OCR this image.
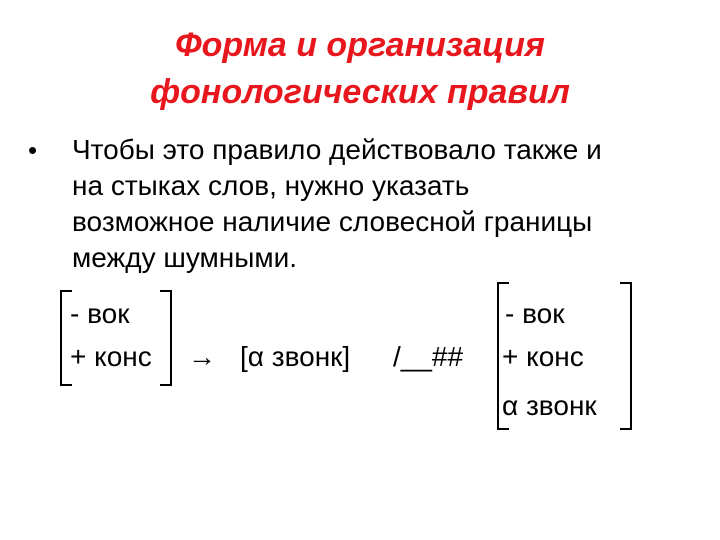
Форма и организация
фонологических правил
• Чтобы это правило действовало также и
на стыках слов, нужно указать
возможное наличие словесной границы
между шумными.
- вок
+ конс → [α звонк] /__##
- вок
+ конс
α звонк
